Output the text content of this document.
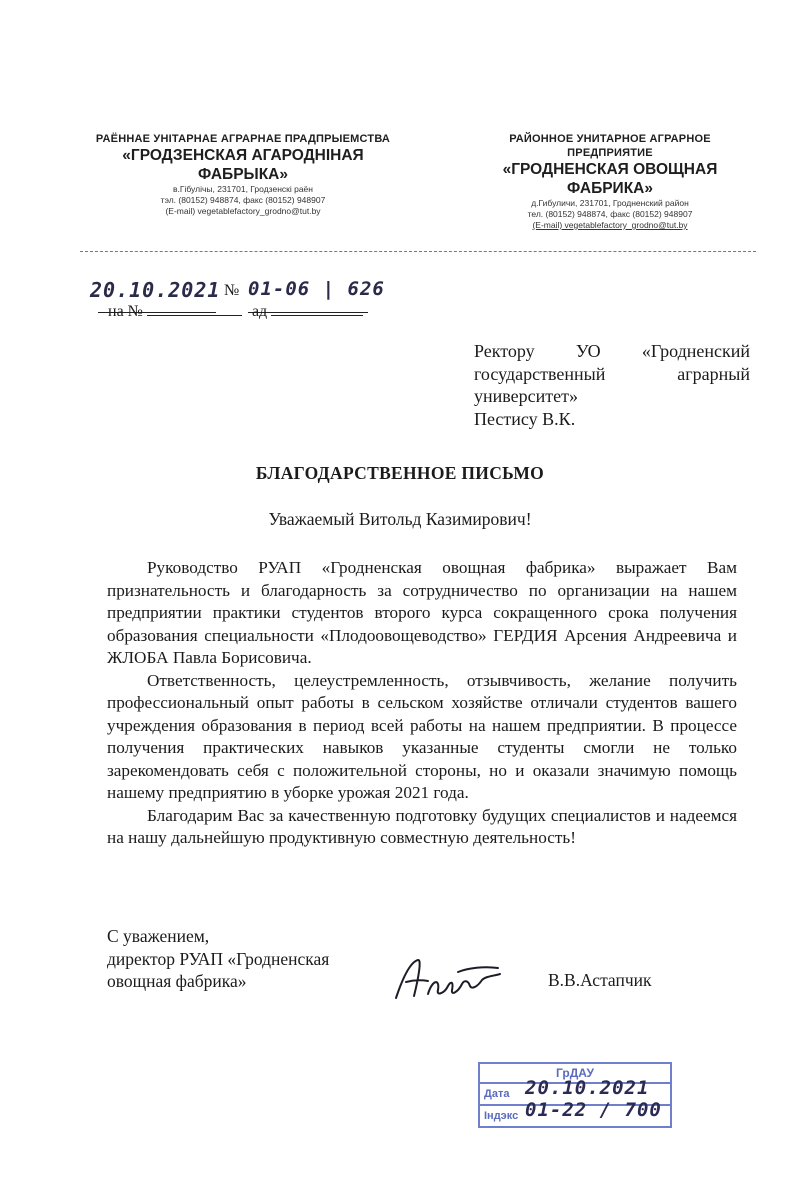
РАЁННАЕ УНІТАРНАЕ АГРАРНАЕ ПРАДПРЫЕМСТВА
«ГРОДЗЕНСКАЯ АГАРОДНІНАЯ
ФАБРЫКА»
в.Гібулічы, 231701, Гродзенскі раён
тэл. (80152) 948874, факс (80152) 948907
(E-mail) vegetablefactory_grodno@tut.by
РАЙОННОЕ УНИТАРНОЕ АГРАРНОЕ
ПРЕДПРИЯТИЕ
«ГРОДНЕНСКАЯ ОВОЩНАЯ
ФАБРИКА»
д.Гибуличи, 231701, Гродненский район
тел. (80152) 948874, факс (80152) 948907
(E-mail) vegetablefactory_grodno@tut.by
20.10.2021 № 01-06 | 626
на №	ад
Ректору УО «Гродненский
государственный аграрный
университет»
Пестису В.К.
БЛАГОДАРСТВЕННОЕ ПИСЬМО
Уважаемый Витольд Казимирович!

Руководство РУАП «Гродненская овощная фабрика» выражает Вам признательность и благодарность за сотрудничество по организации на нашем предприятии практики студентов второго курса сокращенного срока получения образования специальности «Плодоовощеводство» ГЕРДИЯ Арсения Андреевича и ЖЛОБА Павла Борисовича.

Ответственность, целеустремленность, отзывчивость, желание получить профессиональный опыт работы в сельском хозяйстве отличали студентов вашего учреждения образования в период всей работы на нашем предприятии. В процессе получения практических навыков указанные студенты смогли не только зарекомендовать себя с положительной стороны, но и оказали значимую помощь нашему предприятию в уборке урожая 2021 года.

Благодарим Вас за качественную подготовку будущих специалистов и надеемся на нашу дальнейшую продуктивную совместную деятельность!

С уважением,
директор РУАП «Гродненская
овощная фабрика»	В.В.Астапчик
ГрДАУ
Дата 20.10.2021
Індэкс 01-22 / 700
